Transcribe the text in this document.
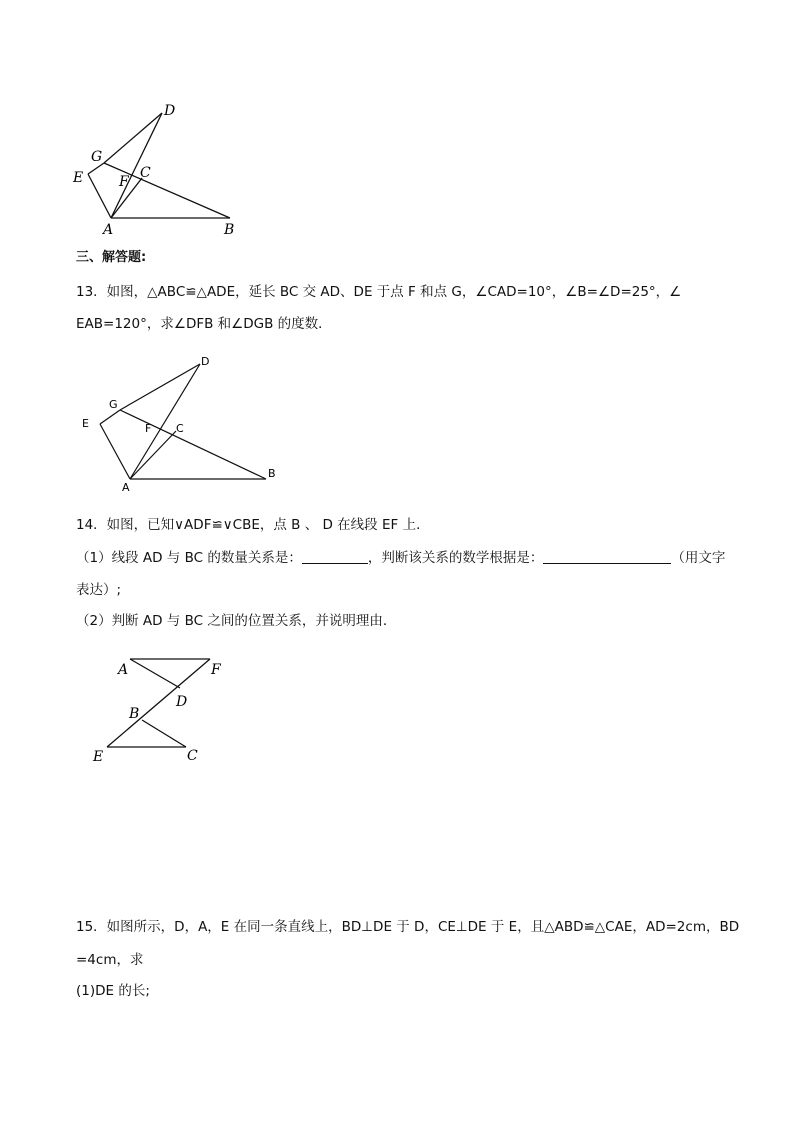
D
G
C
E	F
A	B
三、解答题:
13．如图，△ABC≌△ADE，延长 BC 交 AD、DE 于点 F 和点 G，∠CAD=10°，∠B=∠D=25°，∠
EAB=120°，求∠DFB 和∠DGB 的度数．
D
G
E	F C
A
B
14．如图，已知∨ADF≌∨CBE，点 B 、 D 在线段 EF 上．
（1）线段 AD 与 BC 的数量关系是：	，判断该关系的数学根据是：	（用文字
表达）;
（2）判断 AD 与 BC 之间的位置关系，并说明理由．
A	F
D
B
E	C
15．如图所示，D，A，E 在同一条直线上，BD⊥DE 于 D，CE⊥DE 于 E，且△ABD≌△CAE，AD=2cm，BD
=4cm，求
(1)DE 的长;
